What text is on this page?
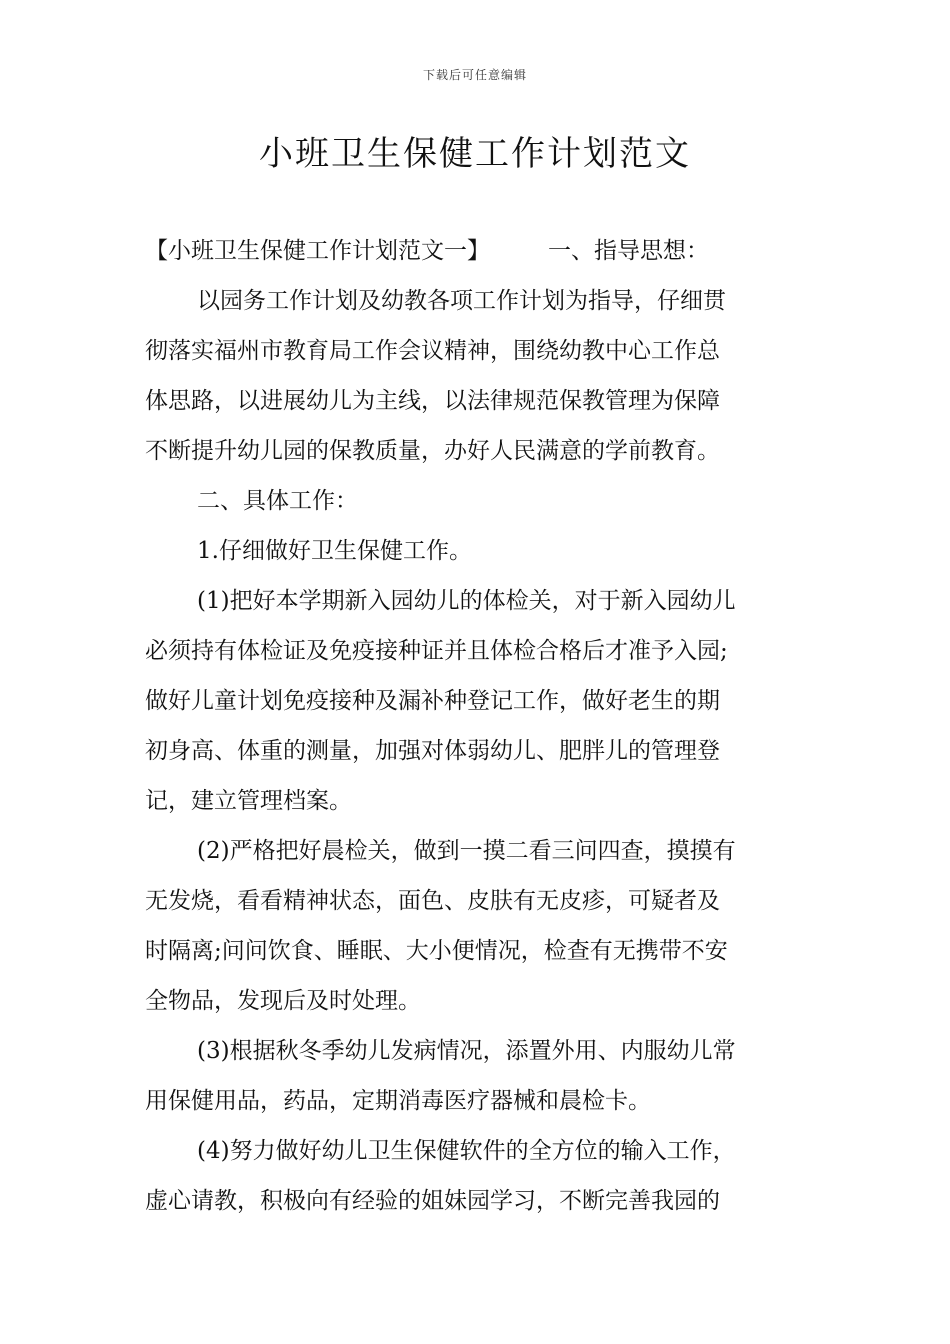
下载后可任意编辑
小班卫生保健工作计划范文
【小班卫生保健工作计划范文一】	一、指导思想：
以园务工作计划及幼教各项工作计划为指导，仔细贯
彻落实福州市教育局工作会议精神，围绕幼教中心工作总
体思路，以进展幼儿为主线，以法律规范保教管理为保障
不断提升幼儿园的保教质量，办好人民满意的学前教育。
二、具体工作：
1.仔细做好卫生保健工作。
(1)把好本学期新入园幼儿的体检关，对于新入园幼儿
必须持有体检证及免疫接种证并且体检合格后才准予入园;
做好儿童计划免疫接种及漏补种登记工作，做好老生的期
初身高、体重的测量，加强对体弱幼儿、肥胖儿的管理登
记，建立管理档案。
(2)严格把好晨检关，做到一摸二看三问四查，摸摸有
无发烧，看看精神状态，面色、皮肤有无皮疹，可疑者及
时隔离;问问饮食、睡眠、大小便情况，检查有无携带不安
全物品，发现后及时处理。
(3)根据秋冬季幼儿发病情况，添置外用、内服幼儿常
用保健用品，药品，定期消毒医疗器械和晨检卡。
(4)努力做好幼儿卫生保健软件的全方位的输入工作，
虚心请教，积极向有经验的姐妹园学习，不断完善我园的
